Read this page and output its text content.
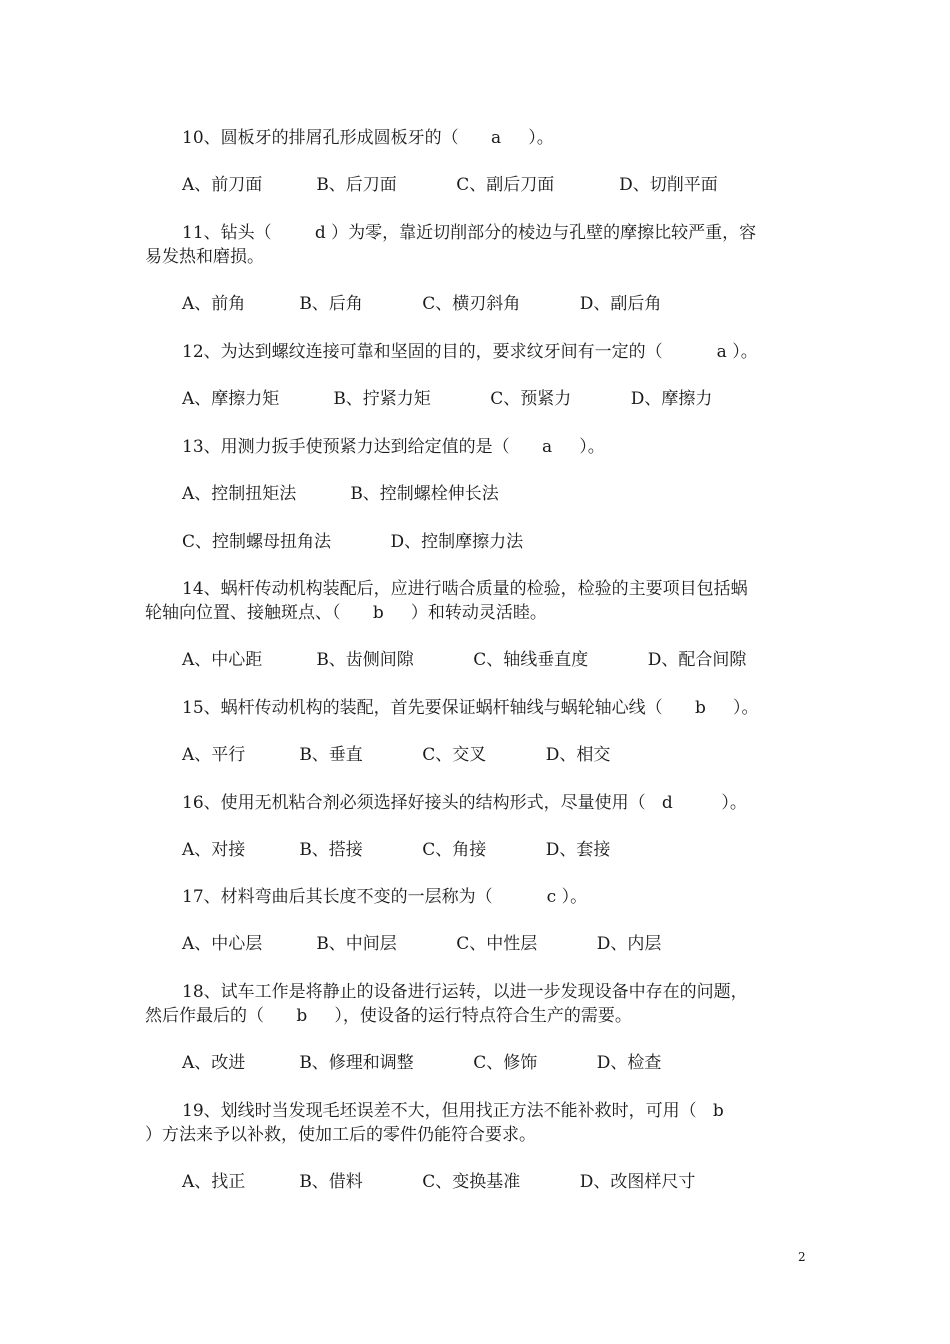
10、圆板牙的排屑孔形成圆板牙的（      a     ）。

A、前刀面          B、后刀面           C、副后刀面            D、切削平面

11、钻头（        d ）为零，靠近切削部分的棱边与孔壁的摩擦比较严重，容

易发热和磨损。

A、前角          B、后角           C、横刃斜角           D、副后角

12、为达到螺纹连接可靠和坚固的目的，要求纹牙间有一定的（          a ）。

A、摩擦力矩          B、拧紧力矩           C、预紧力           D、摩擦力

13、用测力扳手使预紧力达到给定值的是（      a     ）。

A、控制扭矩法          B、控制螺栓伸长法

C、控制螺母扭角法           D、控制摩擦力法

14、蜗杆传动机构装配后，应进行啮合质量的检验，检验的主要项目包括蜗

轮轴向位置、接触斑点、（      b     ）和转动灵活睦。

A、中心距          B、齿侧间隙           C、轴线垂直度           D、配合间隙

15、蜗杆传动机构的装配，首先要保证蜗杆轴线与蜗轮轴心线（      b     ）。

A、平行          B、垂直           C、交叉           D、相交

16、使用无机粘合剂必须选择好接头的结构形式，尽量使用（   d         ）。

A、对接          B、搭接           C、角接           D、套接

17、材料弯曲后其长度不变的一层称为（          c ）。

A、中心层          B、中间层           C、中性层           D、内层

18、试车工作是将静止的设备进行运转，以进一步发现设备中存在的问题，

然后作最后的（      b     ），使设备的运行特点符合生产的需要。

A、改进          B、修理和调整           C、修饰           D、检查

19、划线时当发现毛坯误差不大，但用找正方法不能补救时，可用（   b

）方法来予以补救，使加工后的零件仍能符合要求。

A、找正          B、借料           C、变换基准           D、改图样尺寸

2
